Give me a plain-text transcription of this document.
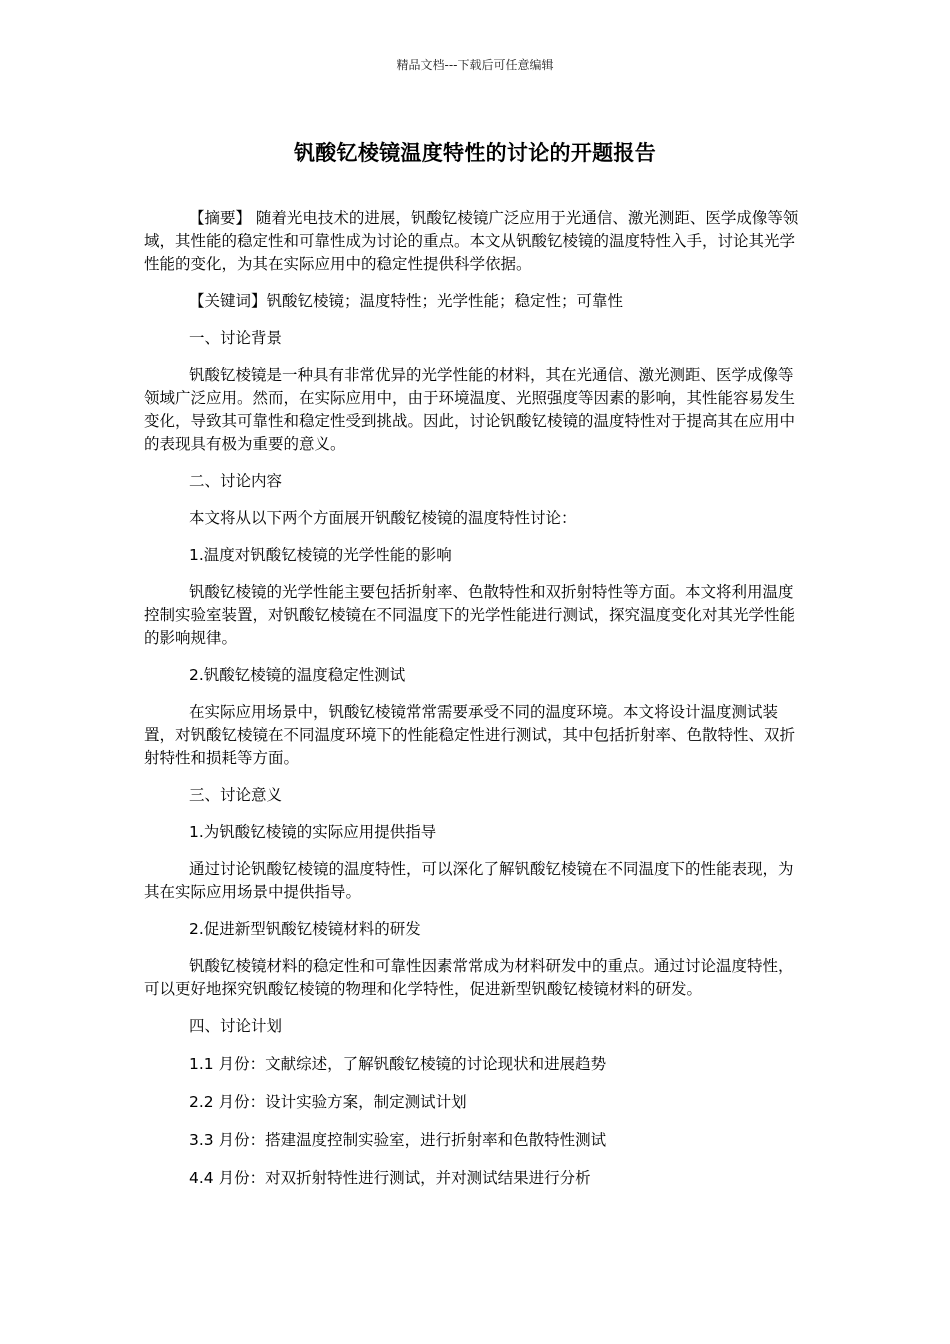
精品文档---下载后可任意编辑
钒酸钇棱镜温度特性的讨论的开题报告

【摘要】 随着光电技术的进展，钒酸钇棱镜广泛应用于光通信、激光测距、医学成像等领域，其性能的稳定性和可靠性成为讨论的重点。本文从钒酸钇棱镜的温度特性入手，讨论其光学性能的变化，为其在实际应用中的稳定性提供科学依据。

【关键词】钒酸钇棱镜；温度特性；光学性能；稳定性；可靠性

一、讨论背景

钒酸钇棱镜是一种具有非常优异的光学性能的材料，其在光通信、激光测距、医学成像等领域广泛应用。然而，在实际应用中，由于环境温度、光照强度等因素的影响，其性能容易发生变化，导致其可靠性和稳定性受到挑战。因此，讨论钒酸钇棱镜的温度特性对于提高其在应用中的表现具有极为重要的意义。

二、讨论内容

本文将从以下两个方面展开钒酸钇棱镜的温度特性讨论：

1.温度对钒酸钇棱镜的光学性能的影响

钒酸钇棱镜的光学性能主要包括折射率、色散特性和双折射特性等方面。本文将利用温度控制实验室装置，对钒酸钇棱镜在不同温度下的光学性能进行测试，探究温度变化对其光学性能的影响规律。

2.钒酸钇棱镜的温度稳定性测试

在实际应用场景中，钒酸钇棱镜常常需要承受不同的温度环境。本文将设计温度测试装置，对钒酸钇棱镜在不同温度环境下的性能稳定性进行测试，其中包括折射率、色散特性、双折射特性和损耗等方面。

三、讨论意义

1.为钒酸钇棱镜的实际应用提供指导

通过讨论钒酸钇棱镜的温度特性，可以深化了解钒酸钇棱镜在不同温度下的性能表现，为其在实际应用场景中提供指导。

2.促进新型钒酸钇棱镜材料的研发

钒酸钇棱镜材料的稳定性和可靠性因素常常成为材料研发中的重点。通过讨论温度特性，可以更好地探究钒酸钇棱镜的物理和化学特性，促进新型钒酸钇棱镜材料的研发。

四、讨论计划

1.1 月份：文献综述，了解钒酸钇棱镜的讨论现状和进展趋势

2.2 月份：设计实验方案，制定测试计划

3.3 月份：搭建温度控制实验室，进行折射率和色散特性测试

4.4 月份：对双折射特性进行测试，并对测试结果进行分析
